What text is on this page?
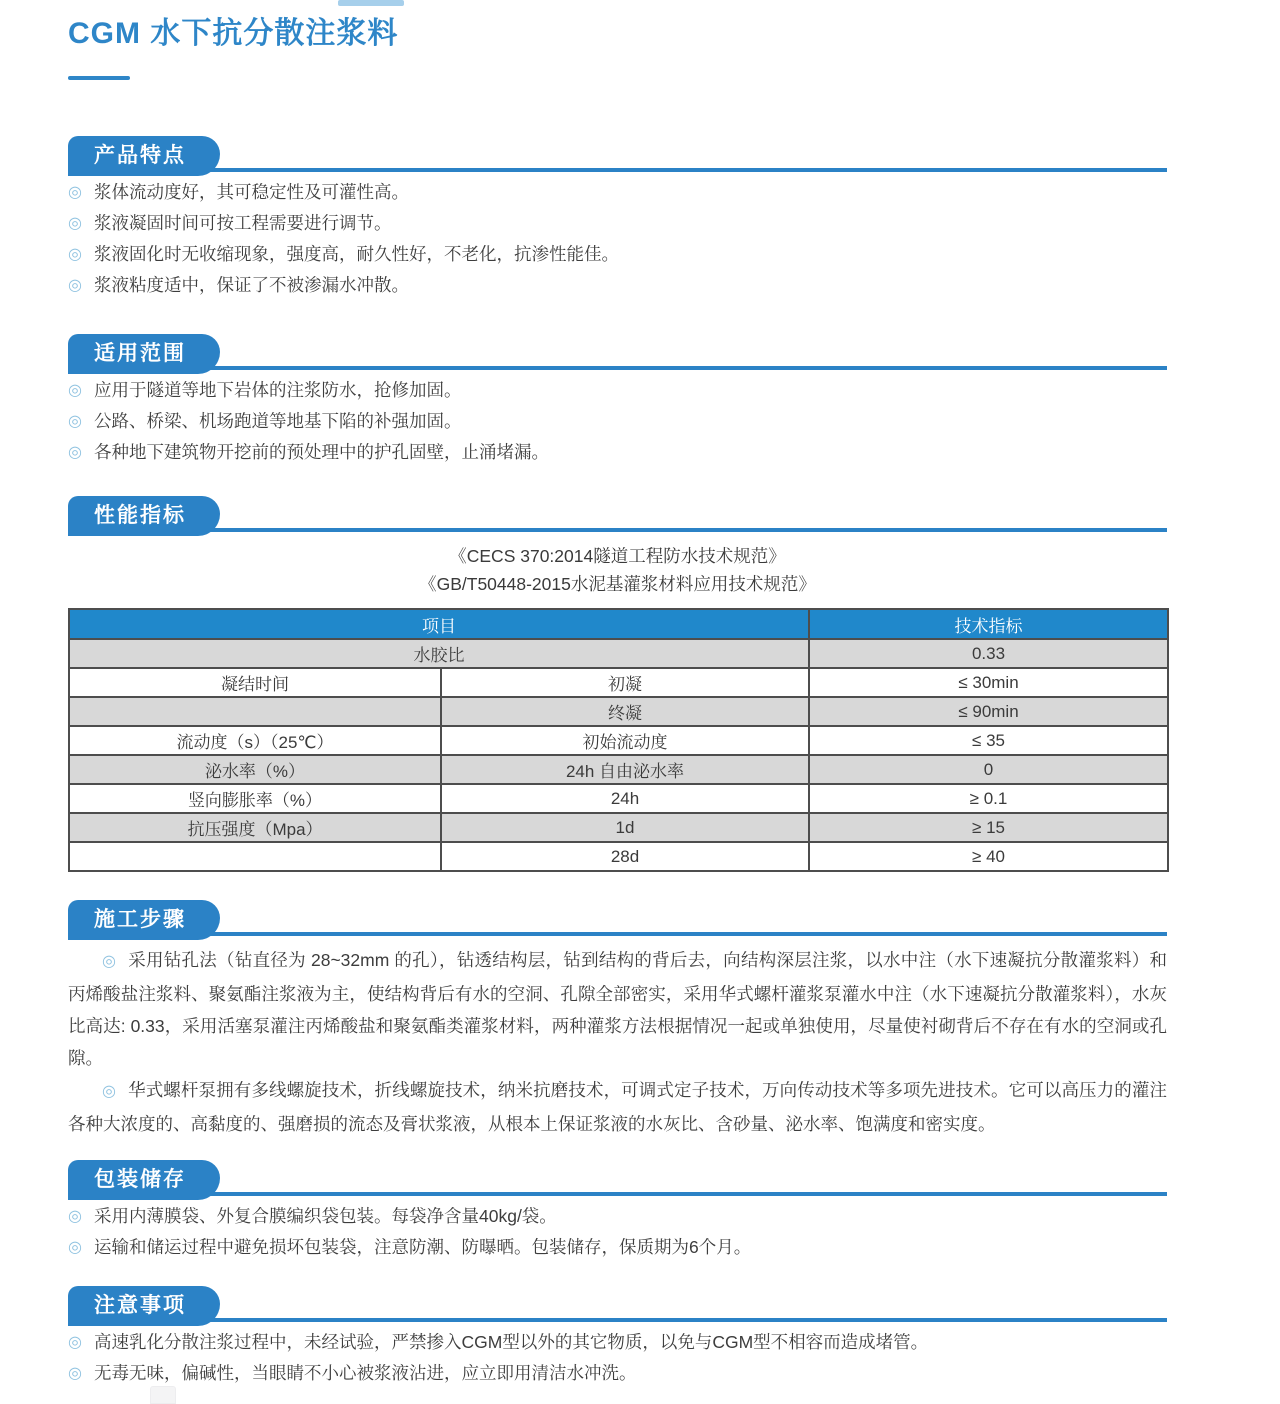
CGM 水下抗分散注浆料
产品特点
◎ 浆体流动度好，其可稳定性及可灌性高。
◎ 浆液凝固时间可按工程需要进行调节。
◎ 浆液固化时无收缩现象，强度高，耐久性好，不老化，抗渗性能佳。
◎ 浆液粘度适中，保证了不被渗漏水冲散。
适用范围
◎ 应用于隧道等地下岩体的注浆防水，抢修加固。
◎ 公路、桥梁、机场跑道等地基下陷的补强加固。
◎ 各种地下建筑物开挖前的预处理中的护孔固壁，止涌堵漏。
性能指标
《CECS 370:2014隧道工程防水技术规范》
《GB/T50448-2015水泥基灌浆材料应用技术规范》
项目		技术指标
水胶比		0.33
凝结时间	初凝	≤ 30min
	终凝	≤ 90min
流动度（s）（25℃）	初始流动度	≤ 35
泌水率（%）	24h 自由泌水率	0
竖向膨胀率（%）	24h	≥ 0.1
抗压强度（Mpa）	1d	≥ 15
	28d	≥ 40
施工步骤

◎ 采用钻孔法（钻直径为 28~32mm 的孔），钻透结构层，钻到结构的背后去，向结构深层注浆，以水中注（水下速凝抗分散灌浆料）和丙烯酸盐注浆料、聚氨酯注浆液为主，使结构背后有水的空洞、孔隙全部密实，采用华式螺杆灌浆泵灌水中注（水下速凝抗分散灌浆料），水灰比高达: 0.33，采用活塞泵灌注丙烯酸盐和聚氨酯类灌浆材料，两种灌浆方法根据情况一起或单独使用，尽量使衬砌背后不存在有水的空洞或孔隙。

◎ 华式螺杆泵拥有多线螺旋技术，折线螺旋技术，纳米抗磨技术，可调式定子技术，万向传动技术等多项先进技术。它可以高压力的灌注各种大浓度的、高黏度的、强磨损的流态及膏状浆液，从根本上保证浆液的水灰比、含砂量、泌水率、饱满度和密实度。

包装储存
◎ 采用内薄膜袋、外复合膜编织袋包装。每袋净含量40kg/袋。
◎ 运输和储运过程中避免损坏包装袋，注意防潮、防曝晒。包装储存，保质期为6个月。
注意事项
◎ 高速乳化分散注浆过程中，未经试验，严禁掺入CGM型以外的其它物质，以免与CGM型不相容而造成堵管。
◎ 无毒无味，偏碱性，当眼睛不小心被浆液沾进，应立即用清洁水冲洗。
